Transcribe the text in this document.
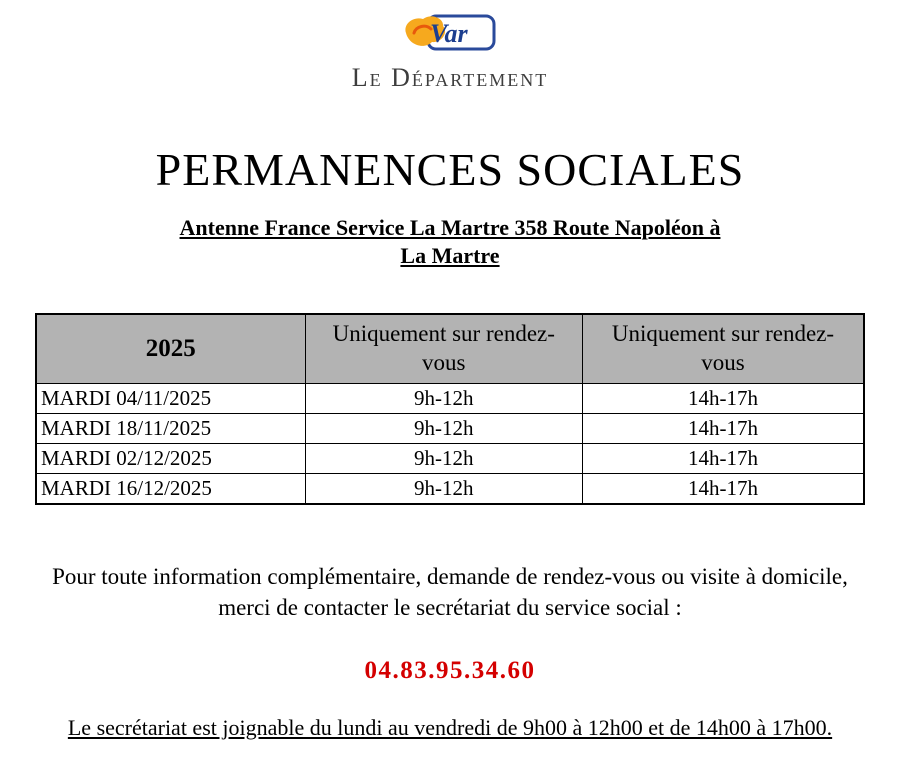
Var
Le Département
PERMANENCES SOCIALES
Antenne France Service La Martre 358 Route Napoléon à
La Martre
2025	Uniquement sur rendez-vous	Uniquement sur rendez-vous
MARDI 04/11/2025	9h-12h	14h-17h
MARDI 18/11/2025	9h-12h	14h-17h
MARDI 02/12/2025	9h-12h	14h-17h
MARDI 16/12/2025	9h-12h	14h-17h

Pour toute information complémentaire, demande de rendez-vous ou visite à domicile, merci de contacter le secrétariat du service social :

04.83.95.34.60

Le secrétariat est joignable du lundi au vendredi de 9h00 à 12h00 et de 14h00 à 17h00.
